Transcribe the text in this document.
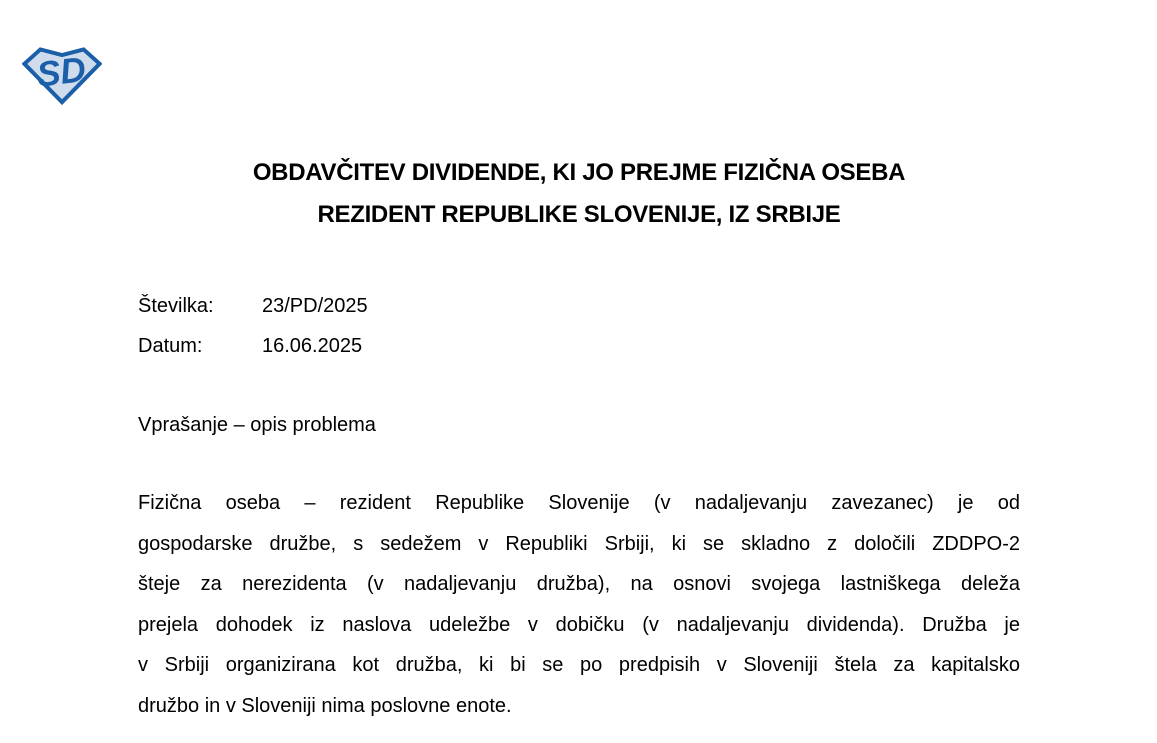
SD
OBDAVČITEV DIVIDENDE, KI JO PREJME FIZIČNA OSEBA
REZIDENT REPUBLIKE SLOVENIJE, IZ SRBIJE
Številka: 23/PD/2025
Datum:	16.06.2025
Vprašanje – opis problema
Fizična oseba – rezident Republike Slovenije (v nadaljevanju zavezanec) je od
gospodarske družbe, s sedežem v Republiki Srbiji, ki se skladno z določili ZDDPO-2
šteje za nerezidenta (v nadaljevanju družba), na osnovi svojega lastniškega deleža
prejela dohodek iz naslova udeležbe v dobičku (v nadaljevanju dividenda). Družba je
v Srbiji organizirana kot družba, ki bi se po predpisih v Sloveniji štela za kapitalsko
družbo in v Sloveniji nima poslovne enote.
